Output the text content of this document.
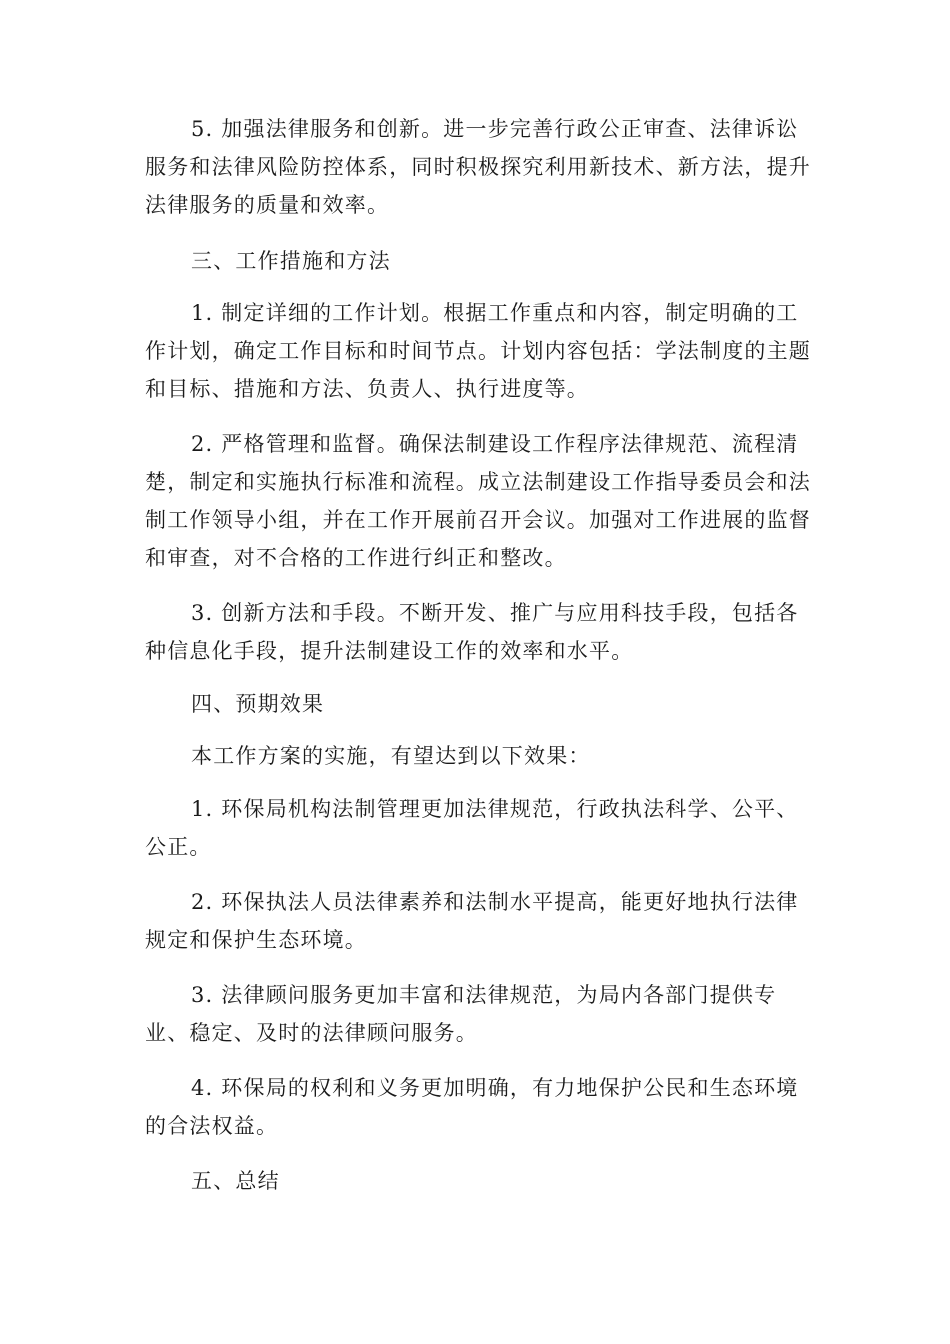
5. 加强法律服务和创新。进一步完善行政公正审查、法律诉讼服务和法律风险防控体系，同时积极探究利用新技术、新方法，提升法律服务的质量和效率。

三、工作措施和方法

1. 制定详细的工作计划。根据工作重点和内容，制定明确的工作计划，确定工作目标和时间节点。计划内容包括：学法制度的主题和目标、措施和方法、负责人、执行进度等。

2. 严格管理和监督。确保法制建设工作程序法律规范、流程清楚，制定和实施执行标准和流程。成立法制建设工作指导委员会和法制工作领导小组，并在工作开展前召开会议。加强对工作进展的监督和审查，对不合格的工作进行纠正和整改。

3. 创新方法和手段。不断开发、推广与应用科技手段，包括各种信息化手段，提升法制建设工作的效率和水平。

四、预期效果

本工作方案的实施，有望达到以下效果：

1. 环保局机构法制管理更加法律规范，行政执法科学、公平、公正。

2. 环保执法人员法律素养和法制水平提高，能更好地执行法律规定和保护生态环境。

3. 法律顾问服务更加丰富和法律规范，为局内各部门提供专业、稳定、及时的法律顾问服务。

4. 环保局的权利和义务更加明确，有力地保护公民和生态环境的合法权益。

五、总结
